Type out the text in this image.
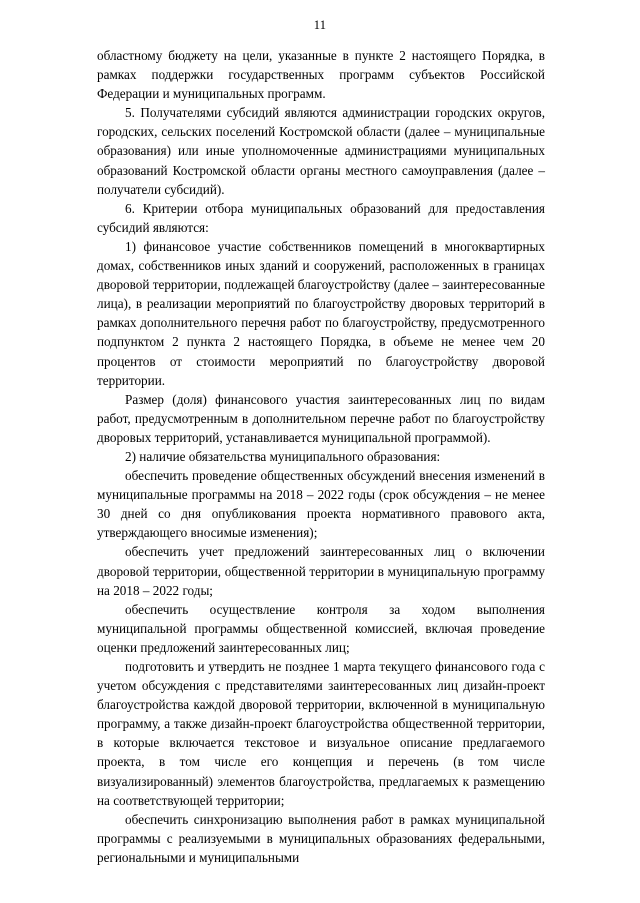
11

областному бюджету на цели, указанные в пункте 2 настоящего Порядка, в рамках поддержки государственных программ субъектов Российской Федерации и муниципальных программ.

5. Получателями субсидий являются администрации городских округов, городских, сельских поселений Костромской области (далее – муниципальные образования) или иные уполномоченные администрациями муниципальных образований Костромской области органы местного самоуправления (далее – получатели субсидий).

6. Критерии отбора муниципальных образований для предоставления субсидий являются:

1) финансовое участие собственников помещений в многоквартирных домах, собственников иных зданий и сооружений, расположенных в границах дворовой территории, подлежащей благоустройству (далее – заинтересованные лица), в реализации мероприятий по благоустройству дворовых территорий в рамках дополнительного перечня работ по благоустройству, предусмотренного подпунктом 2 пункта 2 настоящего Порядка, в объеме не менее чем 20 процентов от стоимости мероприятий по благоустройству дворовой территории.

Размер (доля) финансового участия заинтересованных лиц по видам работ, предусмотренным в дополнительном перечне работ по благоустройству дворовых территорий, устанавливается муниципальной программой).

2) наличие обязательства муниципального образования:

обеспечить проведение общественных обсуждений внесения изменений в муниципальные программы на 2018 – 2022 годы (срок обсуждения – не менее 30 дней со дня опубликования проекта нормативного правового акта, утверждающего вносимые изменения);

обеспечить учет предложений заинтересованных лиц о включении дворовой территории, общественной территории в муниципальную программу на 2018 – 2022 годы;

обеспечить осуществление контроля за ходом выполнения муниципальной программы общественной комиссией, включая проведение оценки предложений заинтересованных лиц;

подготовить и утвердить не позднее 1 марта текущего финансового года с учетом обсуждения с представителями заинтересованных лиц дизайн-проект благоустройства каждой дворовой территории, включенной в муниципальную программу, а также дизайн-проект благоустройства общественной территории, в которые включается текстовое и визуальное описание предлагаемого проекта, в том числе его концепция и перечень (в том числе визуализированный) элементов благоустройства, предлагаемых к размещению на соответствующей территории;

обеспечить синхронизацию выполнения работ в рамках муниципальной программы с реализуемыми в муниципальных образованиях федеральными, региональными и муниципальными
